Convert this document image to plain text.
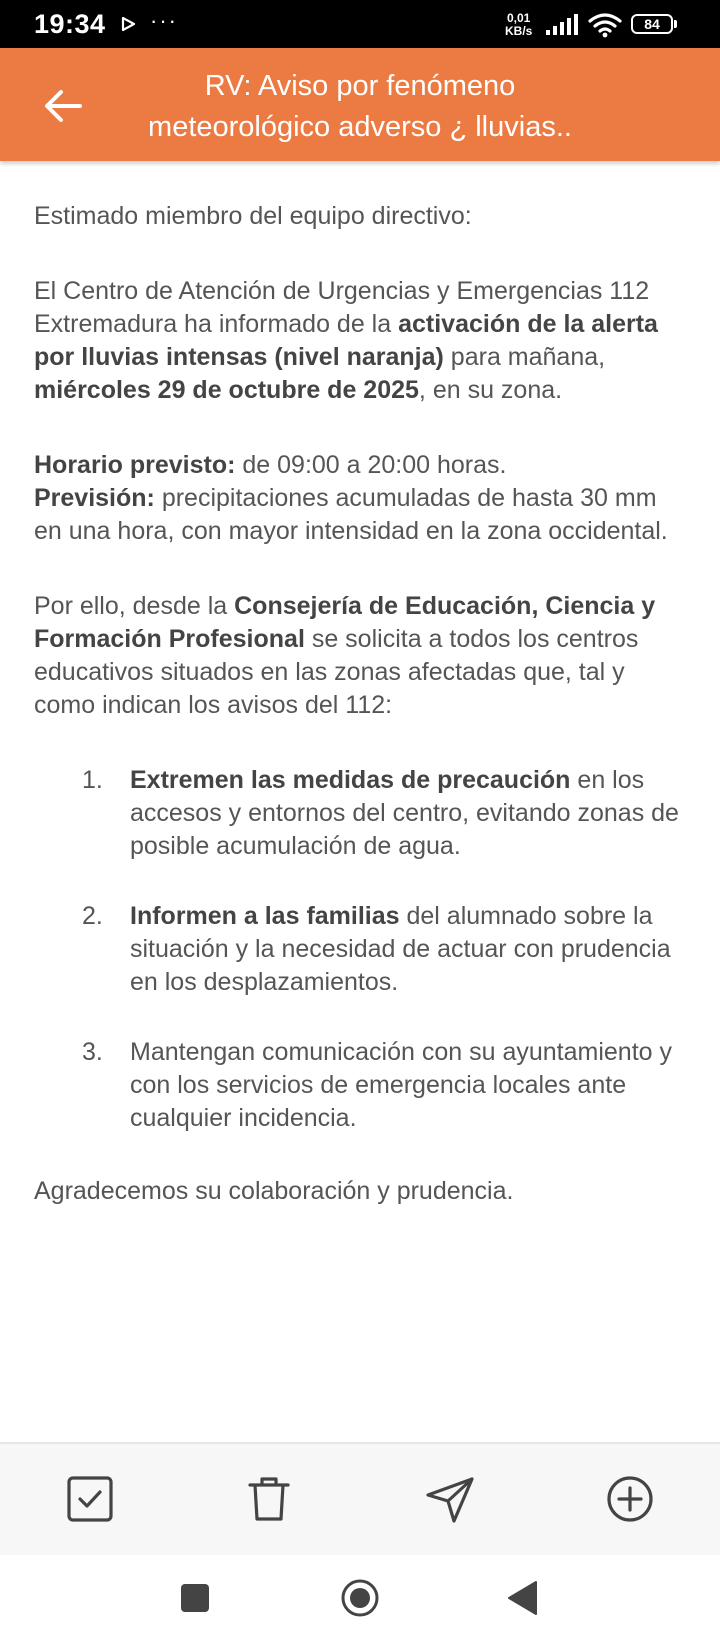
19:34 ···	0,01
KB/s	84
RV: Aviso por fenómeno meteorológico adverso ¿ lluvias..

Estimado miembro del equipo directivo:

El Centro de Atención de Urgencias y Emergencias 112 Extremadura ha informado de la activación de la alerta por lluvias intensas (nivel naranja) para mañana, miércoles 29 de octubre de 2025, en su zona.

Horario previsto: de 09:00 a 20:00 horas.
Previsión: precipitaciones acumuladas de hasta 30 mm en una hora, con mayor intensidad en la zona occidental.

Por ello, desde la Consejería de Educación, Ciencia y Formación Profesional se solicita a todos los centros educativos situados en las zonas afectadas que, tal y como indican los avisos del 112:

1. Extremen las medidas de precaución en los accesos y entornos del centro, evitando zonas de posible acumulación de agua.
2. Informen a las familias del alumnado sobre la situación y la necesidad de actuar con prudencia en los desplazamientos.
3. Mantengan comunicación con su ayuntamiento y con los servicios de emergencia locales ante cualquier incidencia.

Agradecemos su colaboración y prudencia.
